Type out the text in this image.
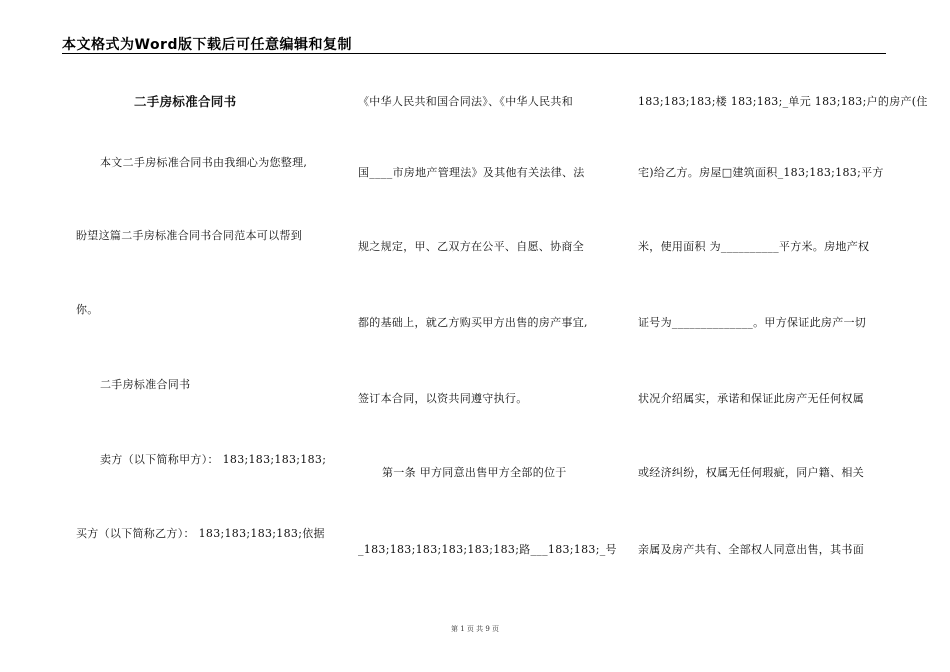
本文格式为Word版下载后可任意编辑和复制
二手房标准合同书
本文二手房标准合同书由我细心为您整理,
盼望这篇二手房标准合同书合同范本可以帮到
你。
二手房标准合同书
卖方（以下简称甲方）： 183;183;183;183;
买方（以下简称乙方）： 183;183;183;183;依据
《中华人民共和国合同法》、《中华人民共和
国____市房地产管理法》及其他有关法律、法
规之规定，甲、乙双方在公平、自愿、协商全
都的基础上，就乙方购买甲方出售的房产事宜,
签订本合同，以资共同遵守执行。
第一条 甲方同意出售甲方全部的位于
_183;183;183;183;183;183;路___183;183;_号
183;183;183;楼 183;183;_单元 183;183;户的房产(住
宅)给乙方。房屋□建筑面积_183;183;183;平方
米，使用面积 为__________平方米。房地产权
证号为______________。甲方保证此房产一切
状况介绍属实，承诺和保证此房产无任何权属
或经济纠纷，权属无任何瑕疵，同户籍、相关
亲属及房产共有、全部权人同意出售，其书面
第 1 页 共 9 页
